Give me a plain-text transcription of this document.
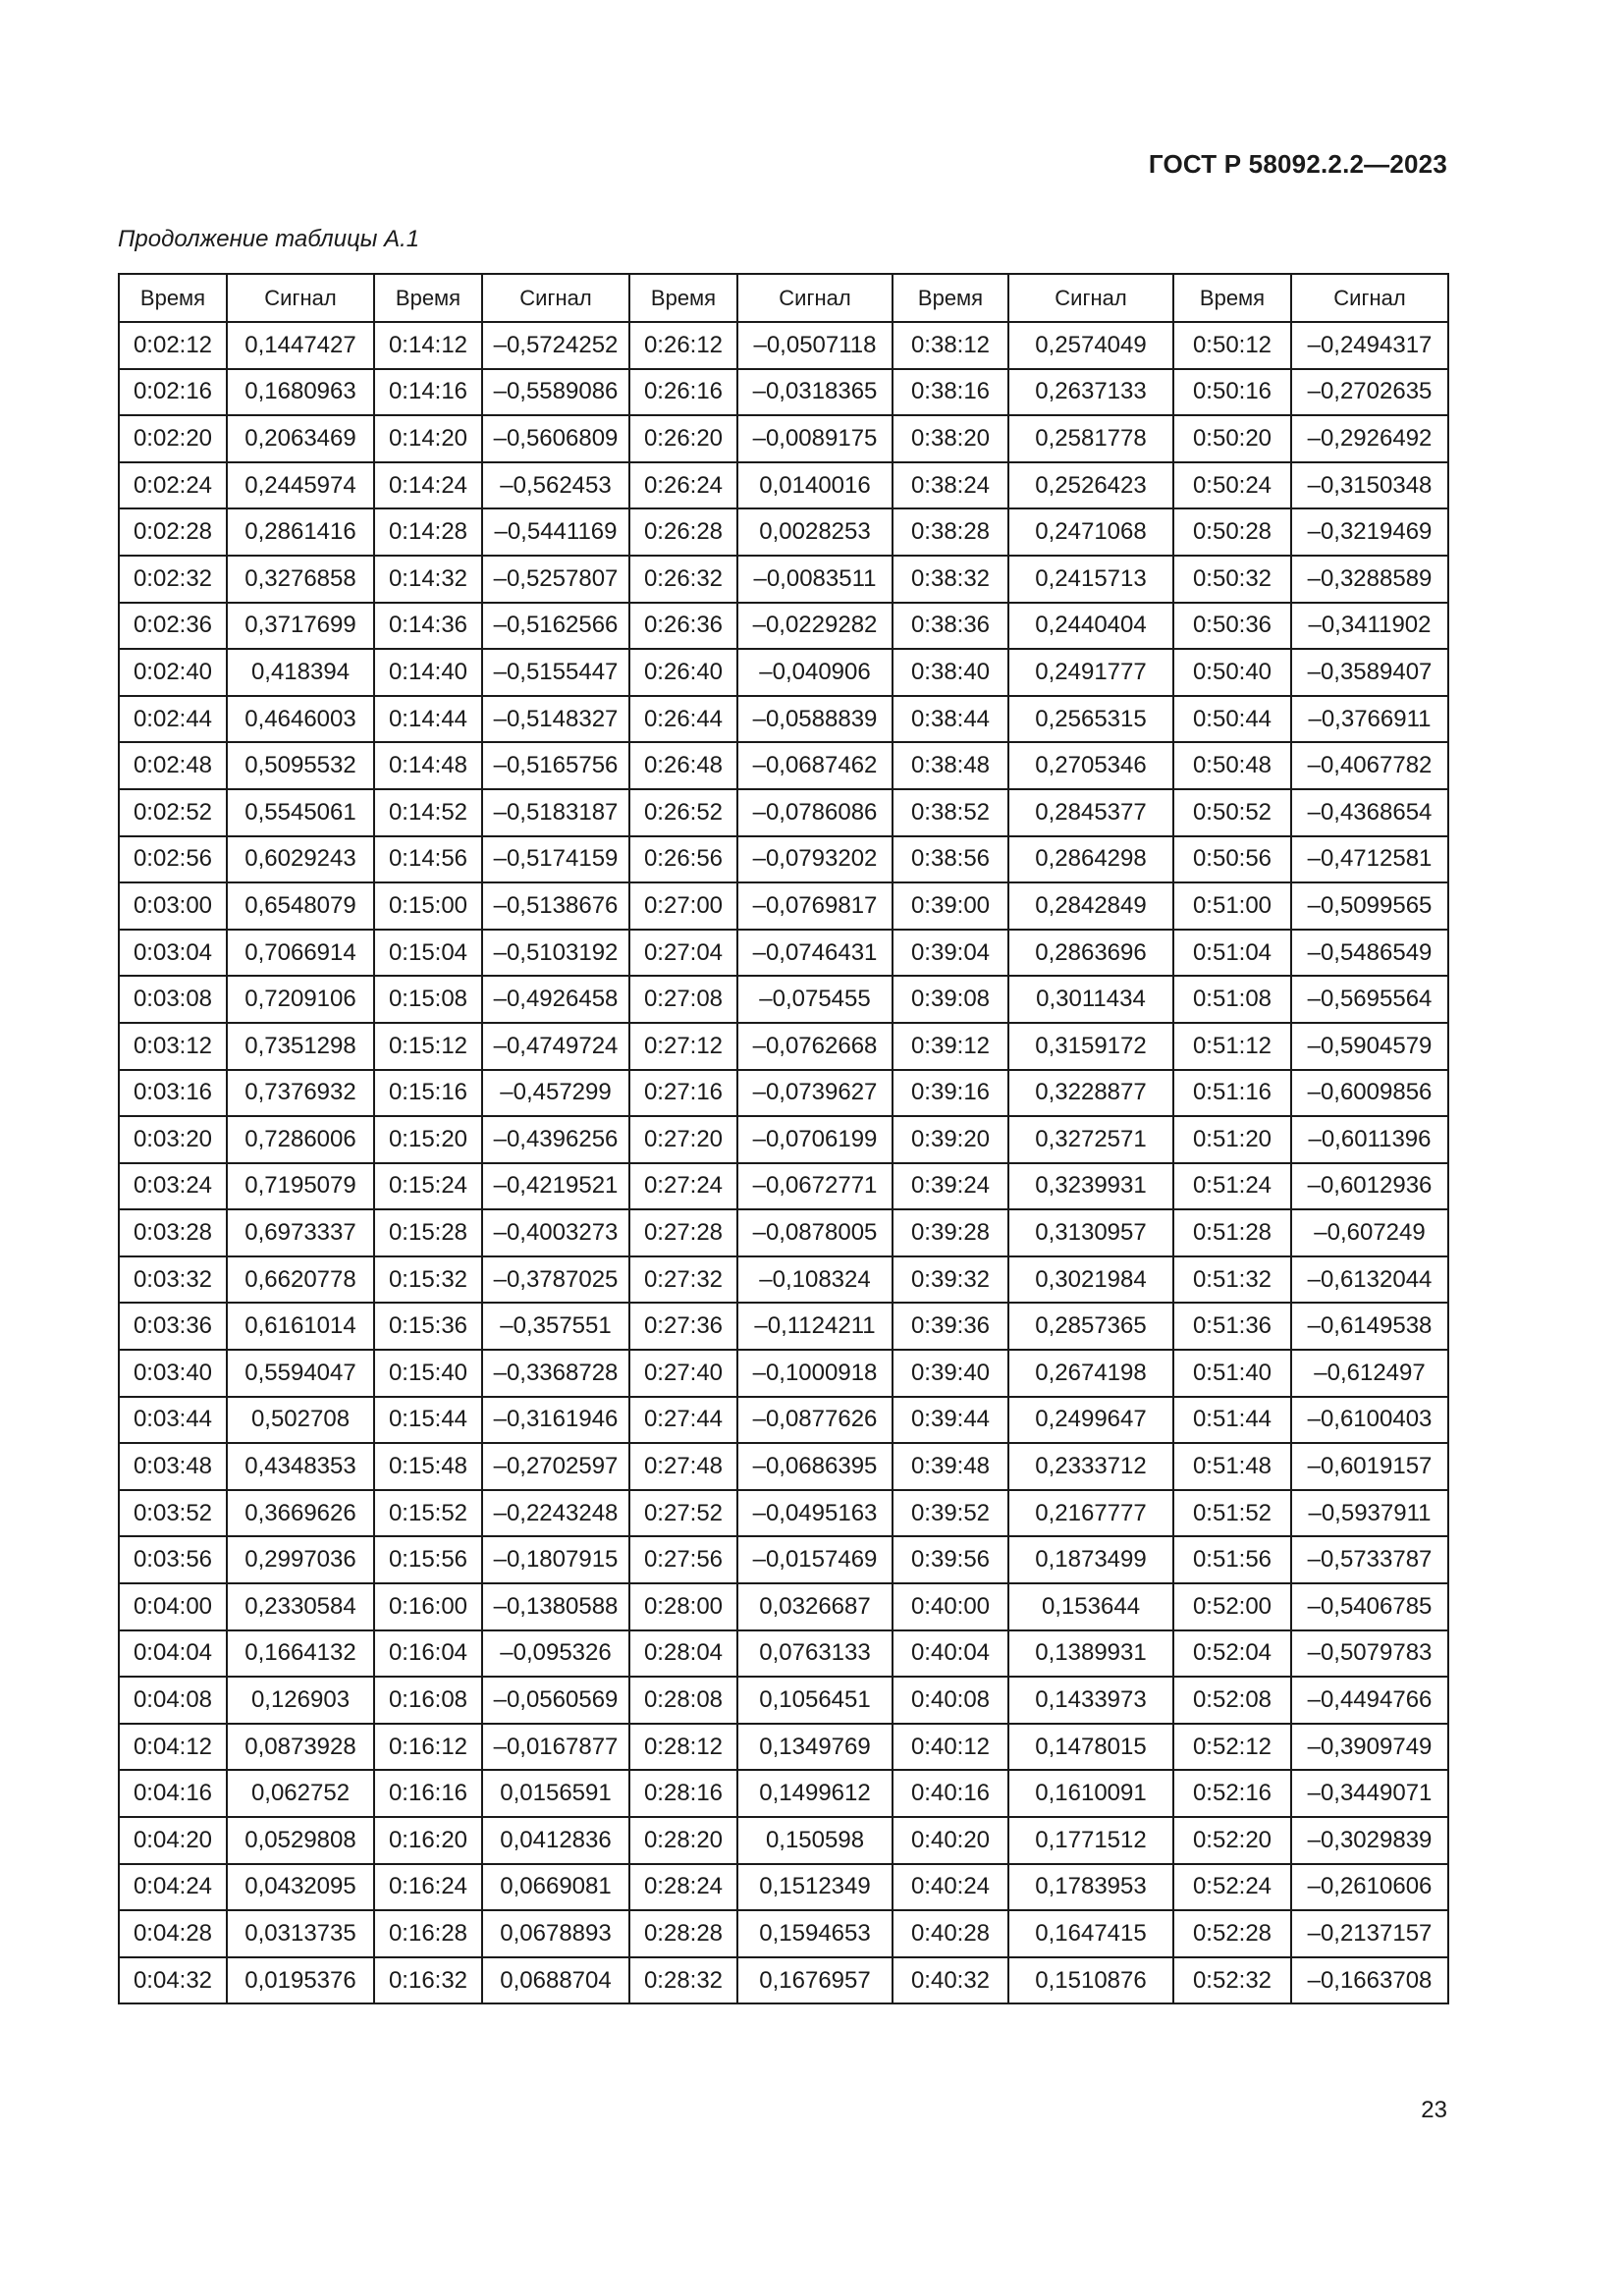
ГОСТ Р 58092.2.2—2023
Продолжение таблицы А.1
Время	Сигнал	Время	Сигнал	Время	Сигнал	Время	Сигнал	Время	Сигнал
0:02:12	0,1447427	0:14:12	–0,5724252	0:26:12	–0,0507118	0:38:12	0,2574049	0:50:12	–0,2494317
0:02:16	0,1680963	0:14:16	–0,5589086	0:26:16	–0,0318365	0:38:16	0,2637133	0:50:16	–0,2702635
0:02:20	0,2063469	0:14:20	–0,5606809	0:26:20	–0,0089175	0:38:20	0,2581778	0:50:20	–0,2926492
0:02:24	0,2445974	0:14:24	–0,562453	0:26:24	0,0140016	0:38:24	0,2526423	0:50:24	–0,3150348
0:02:28	0,2861416	0:14:28	–0,5441169	0:26:28	0,0028253	0:38:28	0,2471068	0:50:28	–0,3219469
0:02:32	0,3276858	0:14:32	–0,5257807	0:26:32	–0,0083511	0:38:32	0,2415713	0:50:32	–0,3288589
0:02:36	0,3717699	0:14:36	–0,5162566	0:26:36	–0,0229282	0:38:36	0,2440404	0:50:36	–0,3411902
0:02:40	0,418394	0:14:40	–0,5155447	0:26:40	–0,040906	0:38:40	0,2491777	0:50:40	–0,3589407
0:02:44	0,4646003	0:14:44	–0,5148327	0:26:44	–0,0588839	0:38:44	0,2565315	0:50:44	–0,3766911
0:02:48	0,5095532	0:14:48	–0,5165756	0:26:48	–0,0687462	0:38:48	0,2705346	0:50:48	–0,4067782
0:02:52	0,5545061	0:14:52	–0,5183187	0:26:52	–0,0786086	0:38:52	0,2845377	0:50:52	–0,4368654
0:02:56	0,6029243	0:14:56	–0,5174159	0:26:56	–0,0793202	0:38:56	0,2864298	0:50:56	–0,4712581
0:03:00	0,6548079	0:15:00	–0,5138676	0:27:00	–0,0769817	0:39:00	0,2842849	0:51:00	–0,5099565
0:03:04	0,7066914	0:15:04	–0,5103192	0:27:04	–0,0746431	0:39:04	0,2863696	0:51:04	–0,5486549
0:03:08	0,7209106	0:15:08	–0,4926458	0:27:08	–0,075455	0:39:08	0,3011434	0:51:08	–0,5695564
0:03:12	0,7351298	0:15:12	–0,4749724	0:27:12	–0,0762668	0:39:12	0,3159172	0:51:12	–0,5904579
0:03:16	0,7376932	0:15:16	–0,457299	0:27:16	–0,0739627	0:39:16	0,3228877	0:51:16	–0,6009856
0:03:20	0,7286006	0:15:20	–0,4396256	0:27:20	–0,0706199	0:39:20	0,3272571	0:51:20	–0,6011396
0:03:24	0,7195079	0:15:24	–0,4219521	0:27:24	–0,0672771	0:39:24	0,3239931	0:51:24	–0,6012936
0:03:28	0,6973337	0:15:28	–0,4003273	0:27:28	–0,0878005	0:39:28	0,3130957	0:51:28	–0,607249
0:03:32	0,6620778	0:15:32	–0,3787025	0:27:32	–0,108324	0:39:32	0,3021984	0:51:32	–0,6132044
0:03:36	0,6161014	0:15:36	–0,357551	0:27:36	–0,1124211	0:39:36	0,2857365	0:51:36	–0,6149538
0:03:40	0,5594047	0:15:40	–0,3368728	0:27:40	–0,1000918	0:39:40	0,2674198	0:51:40	–0,612497
0:03:44	0,502708	0:15:44	–0,3161946	0:27:44	–0,0877626	0:39:44	0,2499647	0:51:44	–0,6100403
0:03:48	0,4348353	0:15:48	–0,2702597	0:27:48	–0,0686395	0:39:48	0,2333712	0:51:48	–0,6019157
0:03:52	0,3669626	0:15:52	–0,2243248	0:27:52	–0,0495163	0:39:52	0,2167777	0:51:52	–0,5937911
0:03:56	0,2997036	0:15:56	–0,1807915	0:27:56	–0,0157469	0:39:56	0,1873499	0:51:56	–0,5733787
0:04:00	0,2330584	0:16:00	–0,1380588	0:28:00	0,0326687	0:40:00	0,153644	0:52:00	–0,5406785
0:04:04	0,1664132	0:16:04	–0,095326	0:28:04	0,0763133	0:40:04	0,1389931	0:52:04	–0,5079783
0:04:08	0,126903	0:16:08	–0,0560569	0:28:08	0,1056451	0:40:08	0,1433973	0:52:08	–0,4494766
0:04:12	0,0873928	0:16:12	–0,0167877	0:28:12	0,1349769	0:40:12	0,1478015	0:52:12	–0,3909749
0:04:16	0,062752	0:16:16	0,0156591	0:28:16	0,1499612	0:40:16	0,1610091	0:52:16	–0,3449071
0:04:20	0,0529808	0:16:20	0,0412836	0:28:20	0,150598	0:40:20	0,1771512	0:52:20	–0,3029839
0:04:24	0,0432095	0:16:24	0,0669081	0:28:24	0,1512349	0:40:24	0,1783953	0:52:24	–0,2610606
0:04:28	0,0313735	0:16:28	0,0678893	0:28:28	0,1594653	0:40:28	0,1647415	0:52:28	–0,2137157
0:04:32	0,0195376	0:16:32	0,0688704	0:28:32	0,1676957	0:40:32	0,1510876	0:52:32	–0,1663708
23
